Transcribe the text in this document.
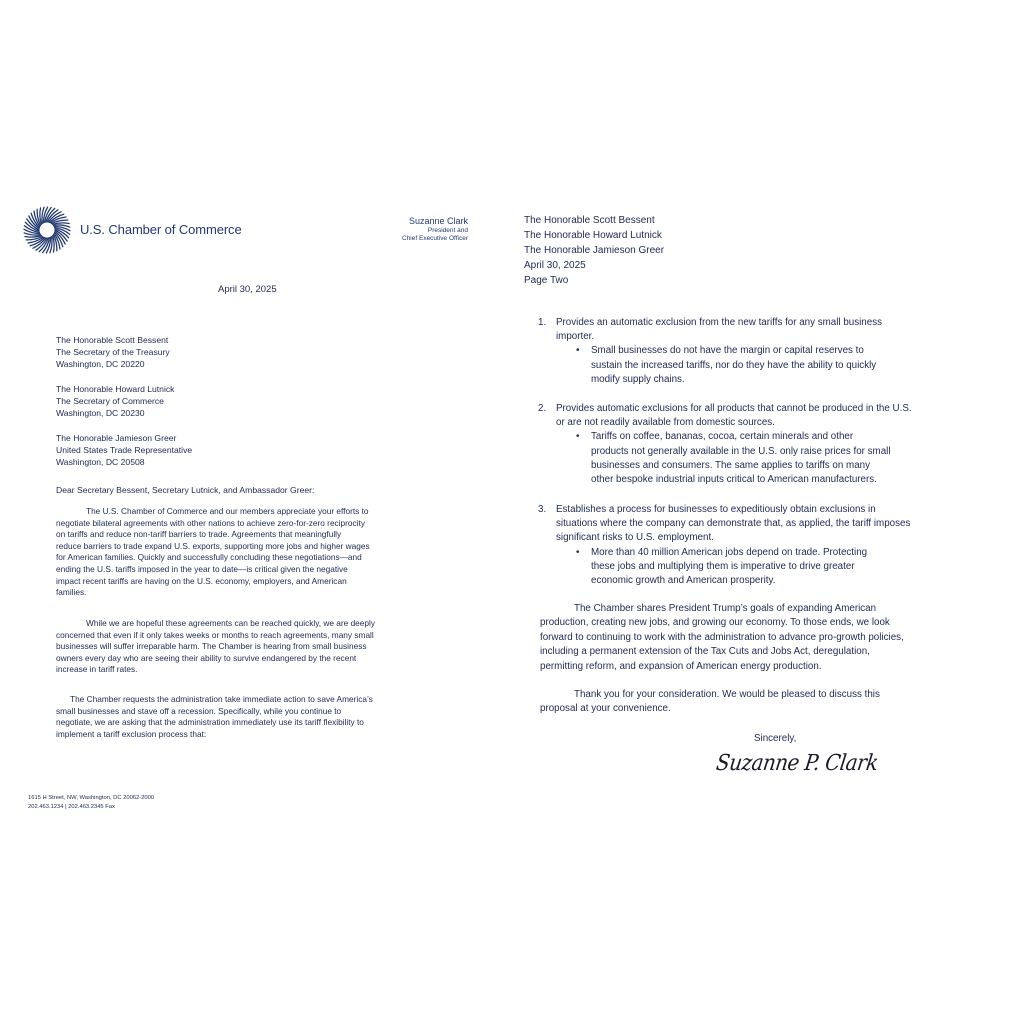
U.S. Chamber of Commerce
Suzanne Clark
President and
Chief Executive Officer
April 30, 2025
The Honorable Scott Bessent
The Secretary of the Treasury
Washington, DC 20220
The Honorable Howard Lutnick
The Secretary of Commerce
Washington, DC 20230
The Honorable Jamieson Greer
United States Trade Representative
Washington, DC 20508
Dear Secretary Bessent, Secretary Lutnick, and Ambassador Greer:
The U.S. Chamber of Commerce and our members appreciate your efforts to
negotiate bilateral agreements with other nations to achieve zero-for-zero reciprocity
on tariffs and reduce non-tariff barriers to trade. Agreements that meaningfully
reduce barriers to trade expand U.S. exports, supporting more jobs and higher wages
for American families. Quickly and successfully concluding these negotiations—and
ending the U.S. tariffs imposed in the year to date—is critical given the negative
impact recent tariffs are having on the U.S. economy, employers, and American
families.
While we are hopeful these agreements can be reached quickly, we are deeply
concerned that even if it only takes weeks or months to reach agreements, many small
businesses will suffer irreparable harm. The Chamber is hearing from small business
owners every day who are seeing their ability to survive endangered by the recent
increase in tariff rates.
The Chamber requests the administration take immediate action to save America’s
small businesses and stave off a recession. Specifically, while you continue to
negotiate, we are asking that the administration immediately use its tariff flexibility to
implement a tariff exclusion process that:
1615 H Street, NW, Washington, DC 20062-2000
202.463.1234 | 202.463.2345 Fax
The Honorable Scott Bessent
The Honorable Howard Lutnick
The Honorable Jamieson Greer
April 30, 2025
Page Two
1. Provides an automatic exclusion from the new tariffs for any small business
importer.
• Small businesses do not have the margin or capital reserves to
sustain the increased tariffs, nor do they have the ability to quickly
modify supply chains.
2. Provides automatic exclusions for all products that cannot be produced in the U.S.
or are not readily available from domestic sources.
• Tariffs on coffee, bananas, cocoa, certain minerals and other
products not generally available in the U.S. only raise prices for small
businesses and consumers. The same applies to tariffs on many
other bespoke industrial inputs critical to American manufacturers.
3. Establishes a process for businesses to expeditiously obtain exclusions in
situations where the company can demonstrate that, as applied, the tariff imposes
significant risks to U.S. employment.
• More than 40 million American jobs depend on trade. Protecting
these jobs and multiplying them is imperative to drive greater
economic growth and American prosperity.
The Chamber shares President Trump’s goals of expanding American
production, creating new jobs, and growing our economy. To those ends, we look
forward to continuing to work with the administration to advance pro-growth policies,
including a permanent extension of the Tax Cuts and Jobs Act, deregulation,
permitting reform, and expansion of American energy production.
Thank you for your consideration. We would be pleased to discuss this
proposal at your convenience.
Sincerely,
Suzanne P. Clark
